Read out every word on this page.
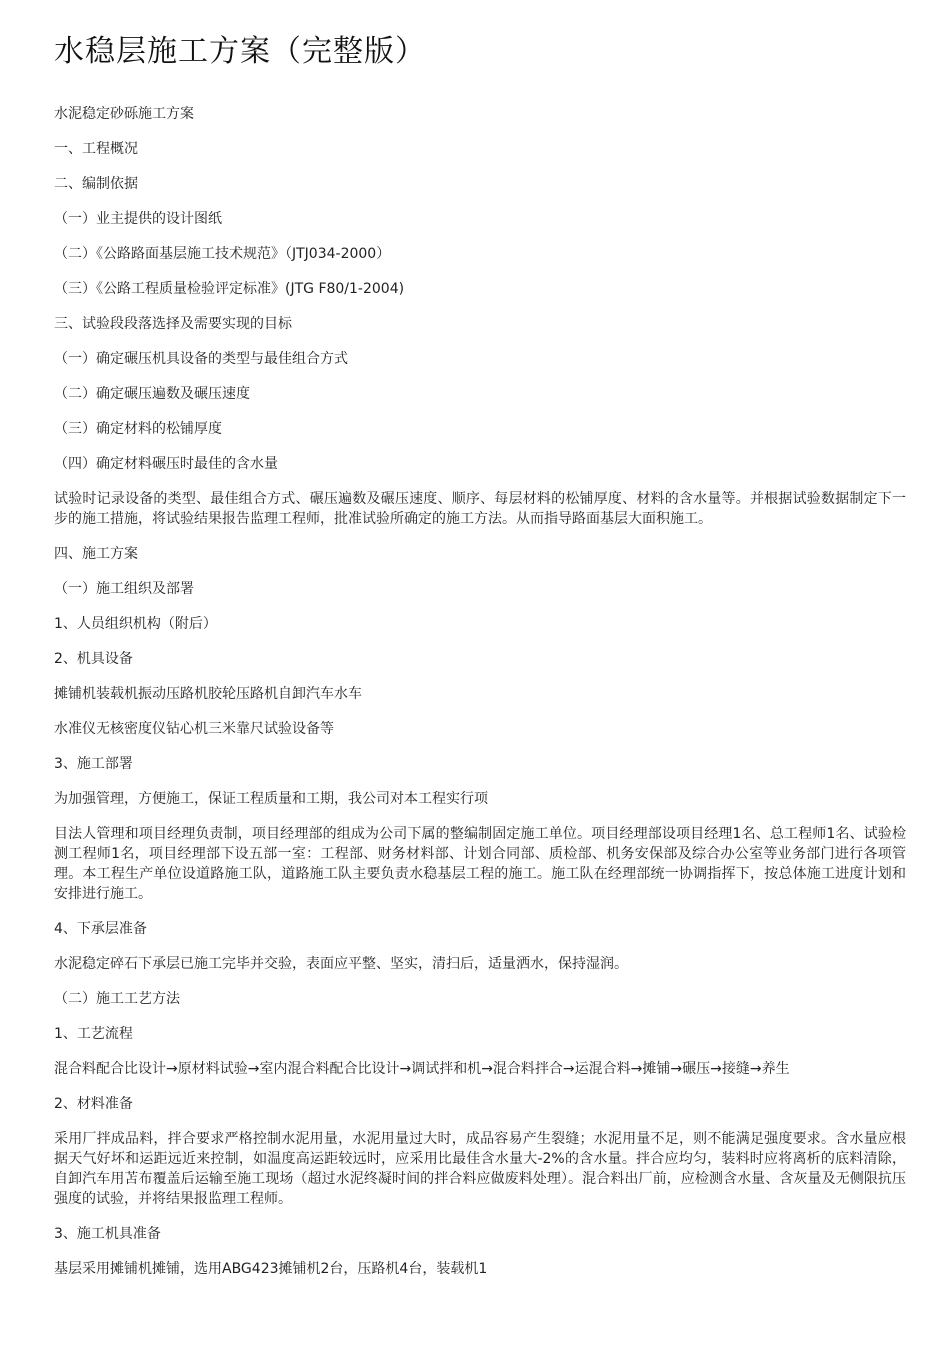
水稳层施工方案（完整版）

水泥稳定砂砾施工方案

一、工程概况

二、编制依据

（一）业主提供的设计图纸

（二）《公路路面基层施工技术规范》（JTJ034-2000）

（三）《公路工程质量检验评定标准》(JTG F80/1-2004)

三、试验段段落选择及需要实现的目标

（一）确定碾压机具设备的类型与最佳组合方式

（二）确定碾压遍数及碾压速度

（三）确定材料的松铺厚度

（四）确定材料碾压时最佳的含水量

试验时记录设备的类型、最佳组合方式、碾压遍数及碾压速度、顺序、每层材料的松铺厚度、材料的含水量等。并根据试验数据制定下一步的施工措施，将试验结果报告监理工程师，批准试验所确定的施工方法。从而指导路面基层大面积施工。

四、施工方案

（一）施工组织及部署

1、人员组织机构（附后）

2、机具设备

摊铺机装载机振动压路机胶轮压路机自卸汽车水车

水准仪无核密度仪钻心机三米靠尺试验设备等

3、施工部署

为加强管理，方便施工，保证工程质量和工期，我公司对本工程实行项

目法人管理和项目经理负责制，项目经理部的组成为公司下属的整编制固定施工单位。项目经理部设项目经理1名、总工程师1名、试验检测工程师1名，项目经理部下设五部一室：工程部、财务材料部、计划合同部、质检部、机务安保部及综合办公室等业务部门进行各项管理。本工程生产单位设道路施工队，道路施工队主要负责水稳基层工程的施工。施工队在经理部统一协调指挥下，按总体施工进度计划和安排进行施工。

4、下承层准备

水泥稳定碎石下承层已施工完毕并交验，表面应平整、坚实，清扫后，适量洒水，保持湿润。

（二）施工工艺方法

1、工艺流程

混合料配合比设计→原材料试验→室内混合料配合比设计→调试拌和机→混合料拌合→运混合料→摊铺→碾压→接缝→养生

2、材料准备

采用厂拌成品料，拌合要求严格控制水泥用量，水泥用量过大时，成品容易产生裂缝；水泥用量不足，则不能满足强度要求。含水量应根据天气好坏和运距远近来控制，如温度高运距较远时，应采用比最佳含水量大-2%的含水量。拌合应均匀，装料时应将离析的底料清除，自卸汽车用苫布覆盖后运输至施工现场（超过水泥终凝时间的拌合料应做废料处理）。混合料出厂前，应检测含水量、含灰量及无侧限抗压强度的试验，并将结果报监理工程师。

3、施工机具准备

基层采用摊铺机摊铺，选用ABG423摊铺机2台，压路机4台，装载机1
